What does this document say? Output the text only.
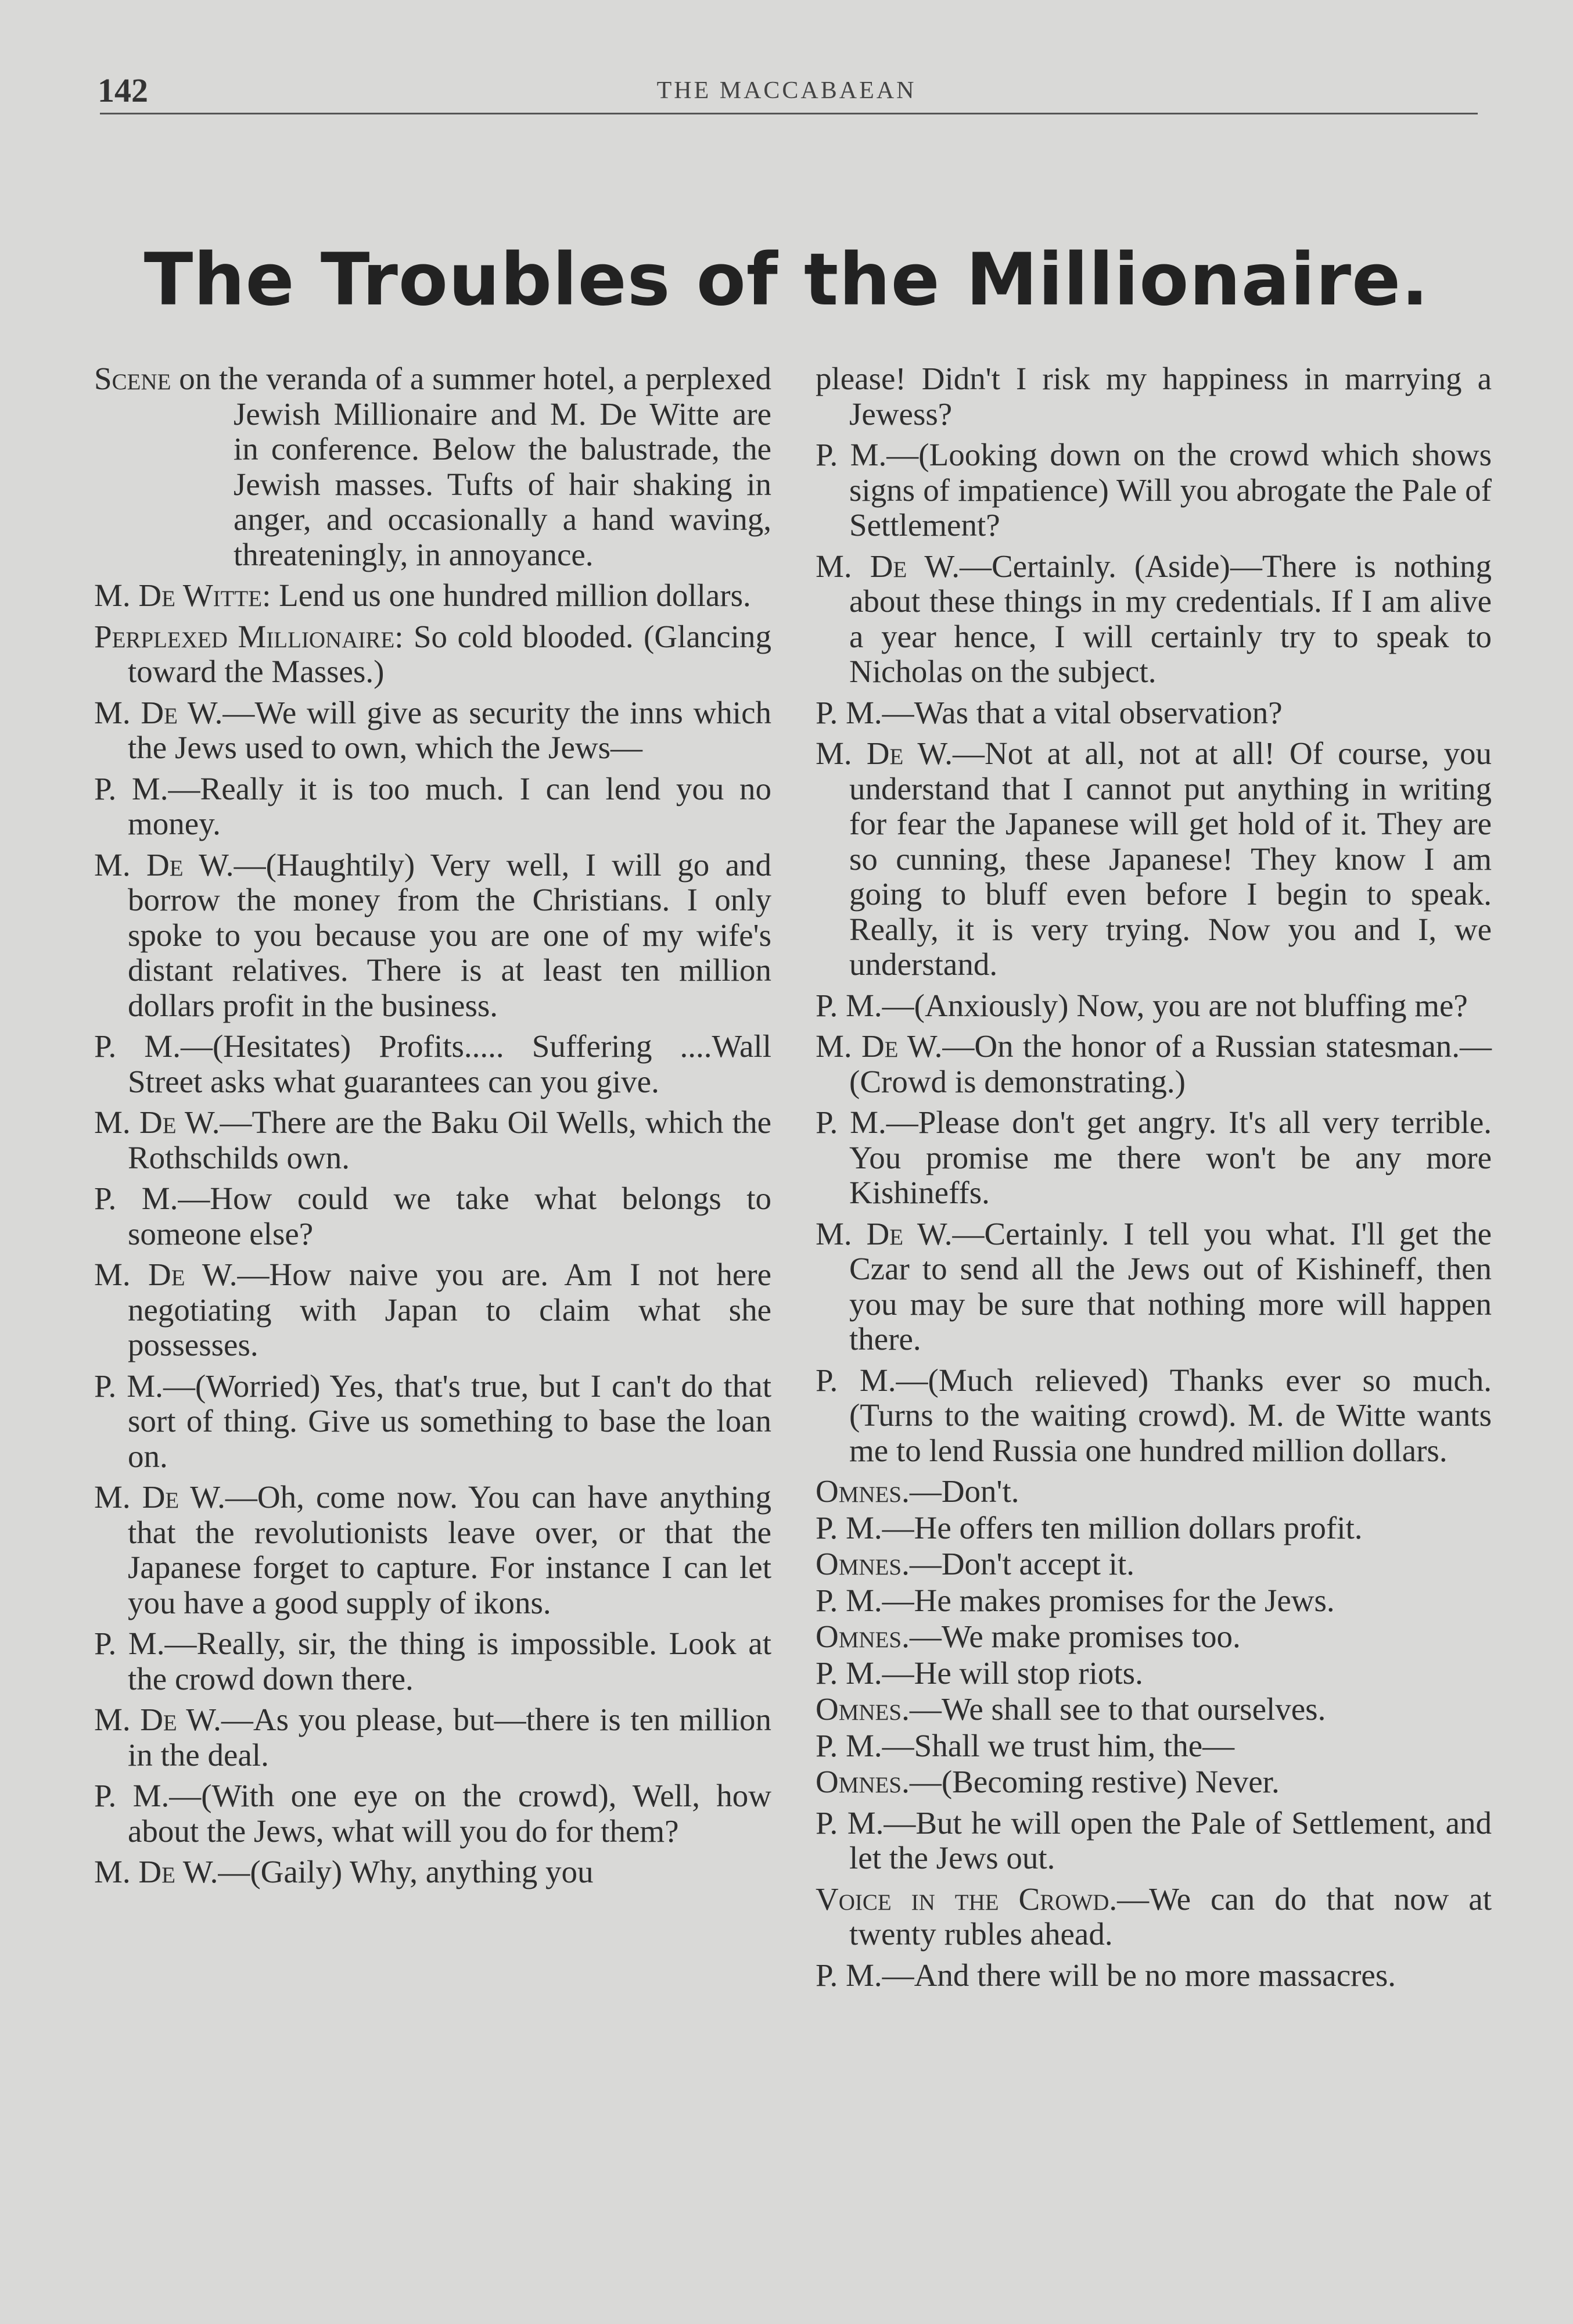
142	THE MACCABAEAN
The Troubles of the Millionaire.

Scene on the veranda of a summer hotel, a perplexed Jewish Millionaire and M. De Witte are in conference. Below the balustrade, the Jewish masses. Tufts of hair shaking in anger, and occasionally a hand waving, threateningly, in annoyance.

M. De Witte: Lend us one hundred million dollars.

Perplexed Millionaire: So cold blooded. (Glancing toward the Masses.)

M. De W.—We will give as security the inns which the Jews used to own, which the Jews—

P. M.—Really it is too much. I can lend you no money.

M. De W.—(Haughtily) Very well, I will go and borrow the money from the Christians. I only spoke to you because you are one of my wife's distant relatives. There is at least ten million dollars profit in the business.

P. M.—(Hesitates) Profits..... Suffering ....Wall Street asks what guarantees can you give.

M. De W.—There are the Baku Oil Wells, which the Rothschilds own.

P. M.—How could we take what belongs to someone else?

M. De W.—How naive you are. Am I not here negotiating with Japan to claim what she possesses.

P. M.—(Worried) Yes, that's true, but I can't do that sort of thing. Give us something to base the loan on.

M. De W.—Oh, come now. You can have anything that the revolutionists leave over, or that the Japanese forget to capture. For instance I can let you have a good supply of ikons.

P. M.—Really, sir, the thing is impossible. Look at the crowd down there.

M. De W.—As you please, but—there is ten million in the deal.

P. M.—(With one eye on the crowd), Well, how about the Jews, what will you do for them?

M. De W.—(Gaily) Why, anything you

please! Didn't I risk my happiness in marrying a Jewess?

P. M.—(Looking down on the crowd which shows signs of impatience) Will you abrogate the Pale of Settlement?

M. De W.—Certainly. (Aside)—There is nothing about these things in my credentials. If I am alive a year hence, I will certainly try to speak to Nicholas on the subject.

P. M.—Was that a vital observation?

M. De W.—Not at all, not at all! Of course, you understand that I cannot put anything in writing for fear the Japanese will get hold of it. They are so cunning, these Japanese! They know I am going to bluff even before I begin to speak. Really, it is very trying. Now you and I, we understand.

P. M.—(Anxiously) Now, you are not bluffing me?

M. De W.—On the honor of a Russian statesman.— (Crowd is demonstrating.)

P. M.—Please don't get angry. It's all very terrible. You promise me there won't be any more Kishineffs.

M. De W.—Certainly. I tell you what. I'll get the Czar to send all the Jews out of Kishineff, then you may be sure that nothing more will happen there.

P. M.—(Much relieved) Thanks ever so much. (Turns to the waiting crowd). M. de Witte wants me to lend Russia one hundred million dollars.

Omnes.—Don't.

P. M.—He offers ten million dollars profit.

Omnes.—Don't accept it.

P. M.—He makes promises for the Jews.

Omnes.—We make promises too.

P. M.—He will stop riots.

Omnes.—We shall see to that ourselves.

P. M.—Shall we trust him, the—

Omnes.—(Becoming restive) Never.

P. M.—But he will open the Pale of Settlement, and let the Jews out.

Voice in the Crowd.—We can do that now at twenty rubles ahead.

P. M.—And there will be no more massacres.
